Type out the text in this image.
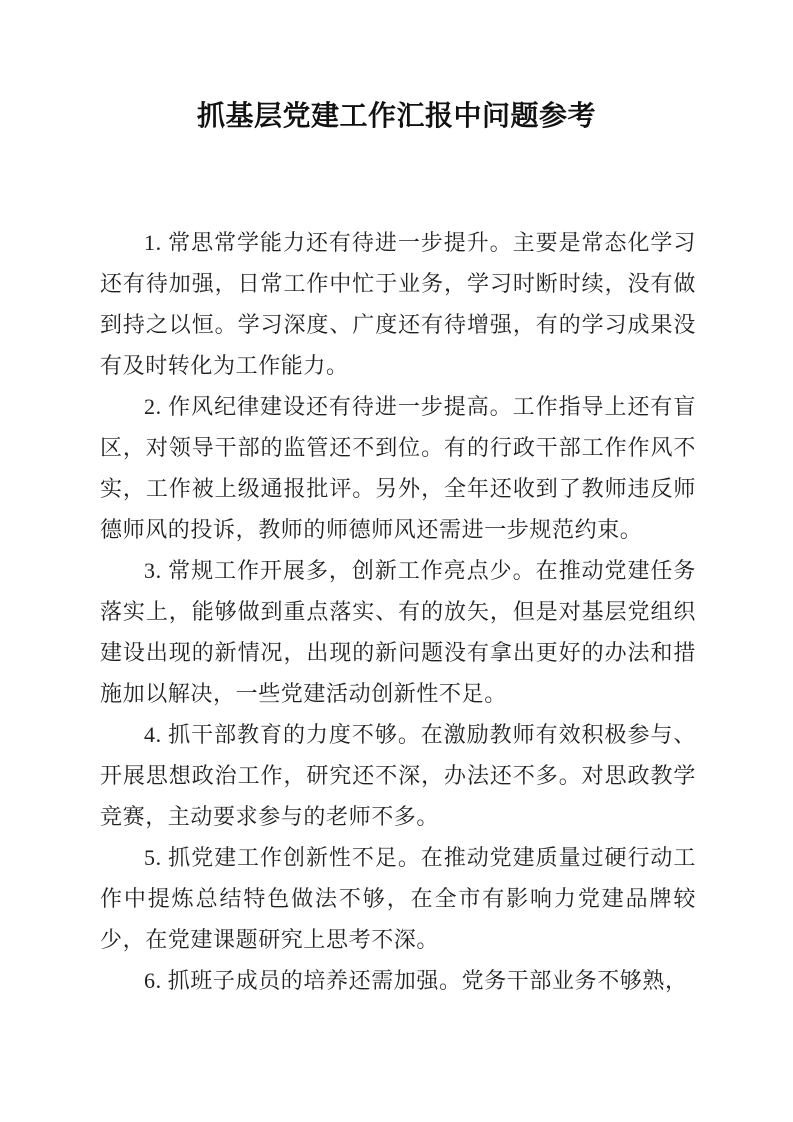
抓基层党建工作汇报中问题参考

1. 常思常学能力还有待进一步提升。主要是常态化学习还有待加强，日常工作中忙于业务，学习时断时续，没有做到持之以恒。学习深度、广度还有待增强，有的学习成果没有及时转化为工作能力。

2. 作风纪律建设还有待进一步提高。工作指导上还有盲区，对领导干部的监管还不到位。有的行政干部工作作风不实，工作被上级通报批评。另外，全年还收到了教师违反师德师风的投诉，教师的师德师风还需进一步规范约束。

3. 常规工作开展多，创新工作亮点少。在推动党建任务落实上，能够做到重点落实、有的放矢，但是对基层党组织建设出现的新情况，出现的新问题没有拿出更好的办法和措施加以解决，一些党建活动创新性不足。

4. 抓干部教育的力度不够。在激励教师有效积极参与、开展思想政治工作，研究还不深，办法还不多。对思政教学竞赛，主动要求参与的老师不多。

5. 抓党建工作创新性不足。在推动党建质量过硬行动工作中提炼总结特色做法不够，在全市有影响力党建品牌较少，在党建课题研究上思考不深。

6. 抓班子成员的培养还需加强。党务干部业务不够熟，
